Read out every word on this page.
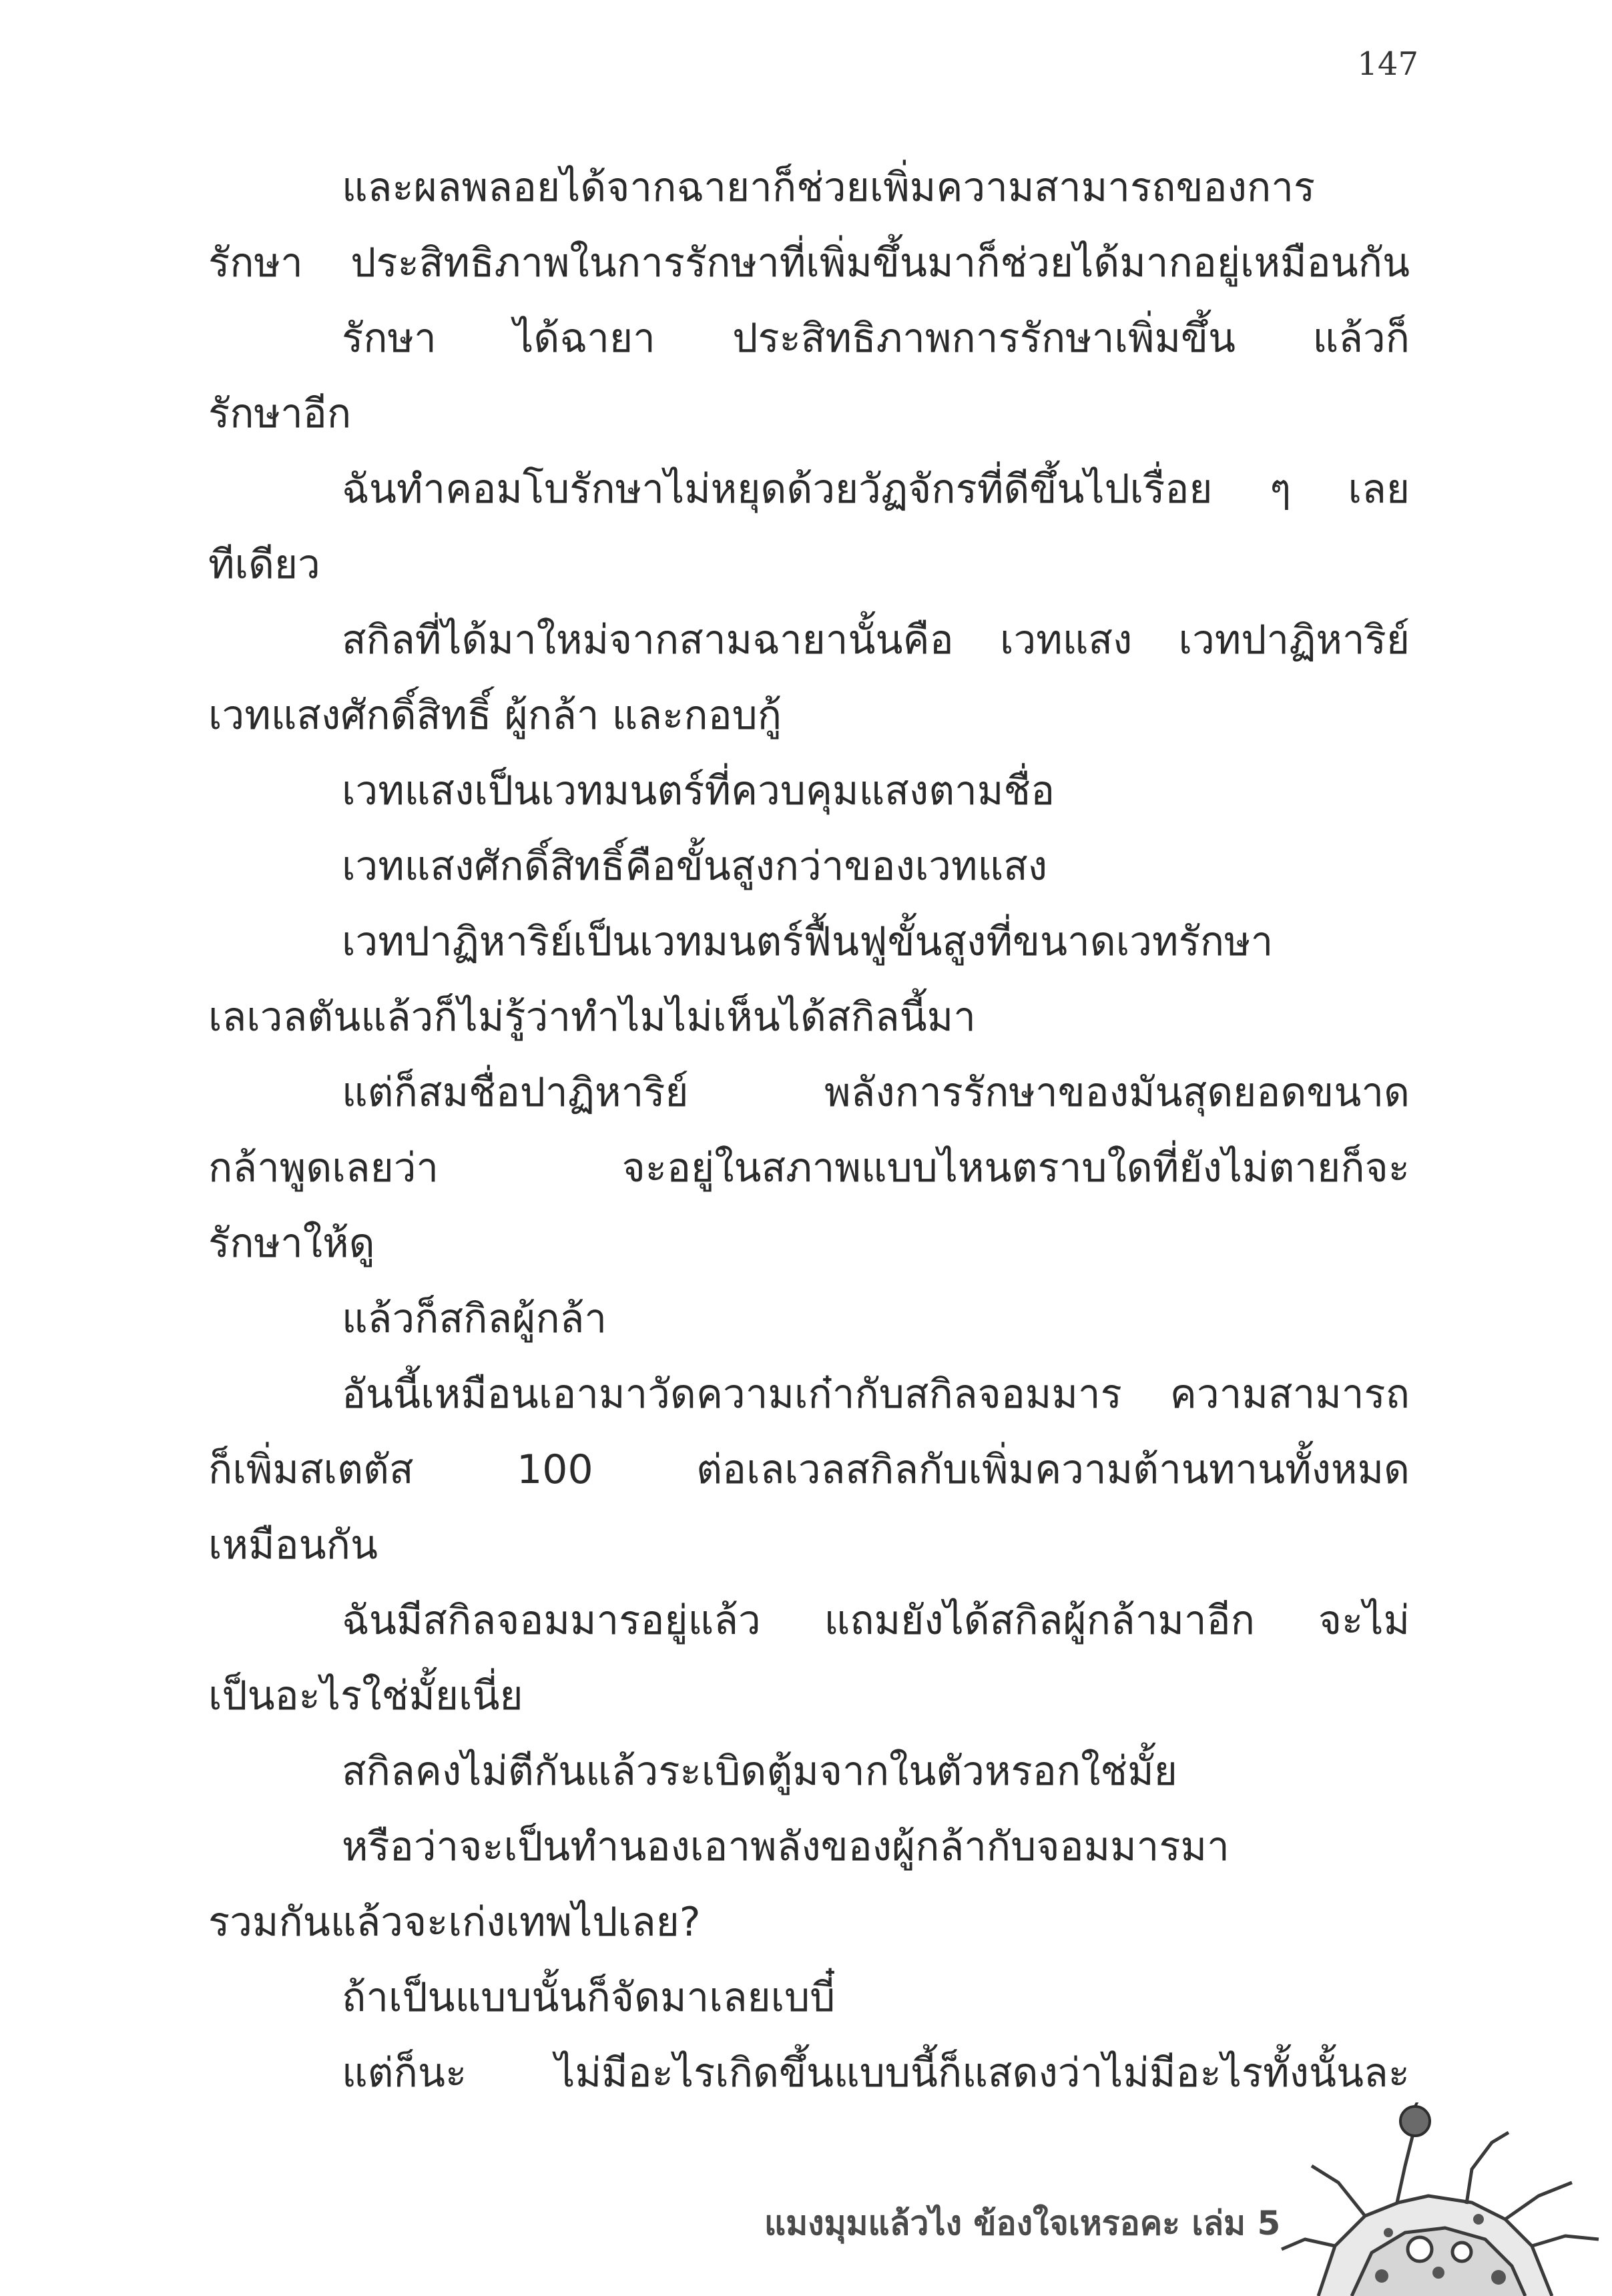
147
และผลพลอยได้จากฉายาก็ช่วยเพิ่มความสามารถของการ
รักษา ประสิทธิภาพในการรักษาที่เพิ่มขึ้นมาก็ช่วยได้มากอยู่เหมือนกัน
รักษา ได้ฉายา ประสิทธิภาพการรักษาเพิ่มขึ้น แล้วก็
รักษาอีก
ฉันทำคอมโบรักษาไม่หยุดด้วยวัฏจักรที่ดีขึ้นไปเรื่อย ๆ เลย
ทีเดียว
สกิลที่ได้มาใหม่จากสามฉายานั้นคือ เวทแสง เวทปาฏิหาริย์
เวทแสงศักดิ์สิทธิ์ ผู้กล้า และกอบกู้
เวทแสงเป็นเวทมนตร์ที่ควบคุมแสงตามชื่อ
เวทแสงศักดิ์สิทธิ์คือขั้นสูงกว่าของเวทแสง
เวทปาฏิหาริย์เป็นเวทมนตร์ฟื้นฟูขั้นสูงที่ขนาดเวทรักษา
เลเวลตันแล้วก็ไม่รู้ว่าทำไมไม่เห็นได้สกิลนี้มา
แต่ก็สมชื่อปาฏิหาริย์ พลังการรักษาของมันสุดยอดขนาด
กล้าพูดเลยว่า จะอยู่ในสภาพแบบไหนตราบใดที่ยังไม่ตายก็จะ
รักษาให้ดู
แล้วก็สกิลผู้กล้า
อันนี้เหมือนเอามาวัดความเก๋ากับสกิลจอมมาร ความสามารถ
ก็เพิ่มสเตตัส 100 ต่อเลเวลสกิลกับเพิ่มความต้านทานทั้งหมด
เหมือนกัน
ฉันมีสกิลจอมมารอยู่แล้ว แถมยังได้สกิลผู้กล้ามาอีก จะไม่
เป็นอะไรใช่มั้ยเนี่ย
สกิลคงไม่ตีกันแล้วระเบิดตู้มจากในตัวหรอกใช่มั้ย
หรือว่าจะเป็นทำนองเอาพลังของผู้กล้ากับจอมมารมา
รวมกันแล้วจะเก่งเทพไปเลย?
ถ้าเป็นแบบนั้นก็จัดมาเลยเบบี๋
แต่ก็นะ ไม่มีอะไรเกิดขึ้นแบบนี้ก็แสดงว่าไม่มีอะไรทั้งนั้นละ
แมงมุมแล้วไง ข้องใจเหรอคะ เล่ม 5
